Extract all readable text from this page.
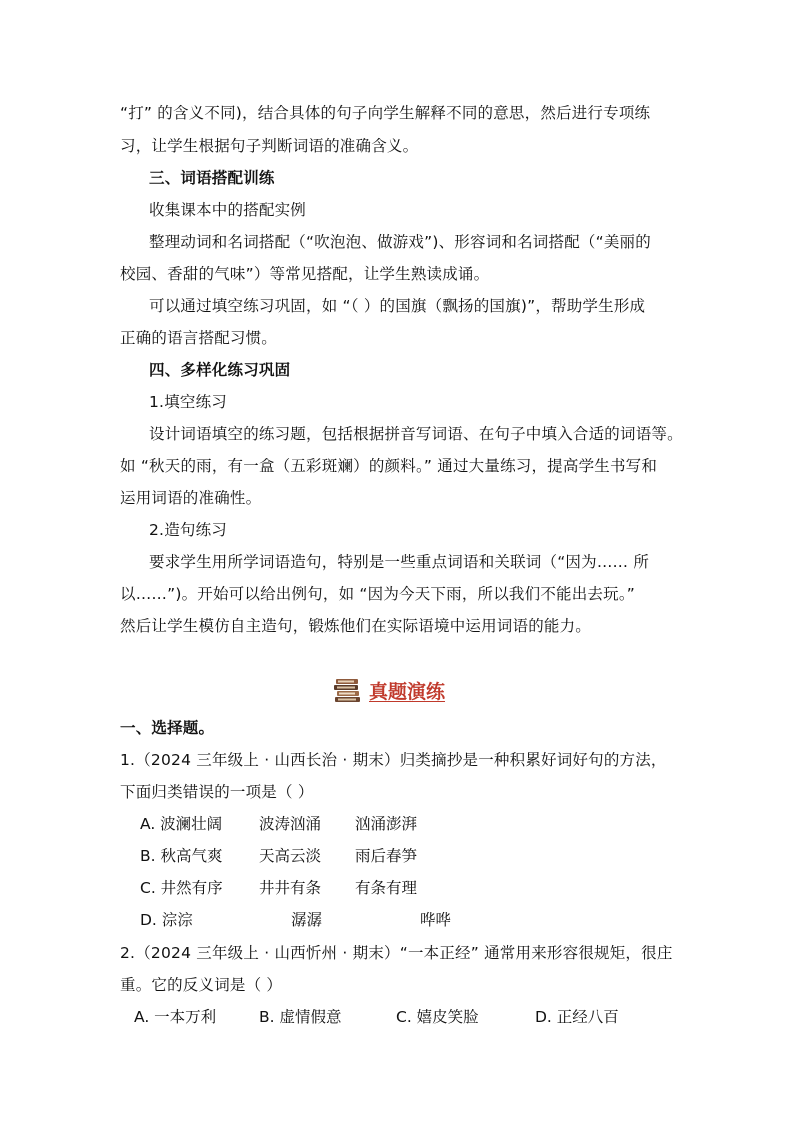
“打” 的含义不同)，结合具体的句子向学生解释不同的意思，然后进行专项练
习，让学生根据句子判断词语的准确含义。
三、词语搭配训练
收集课本中的搭配实例
整理动词和名词搭配（“吹泡泡、做游戏”)、形容词和名词搭配（“美丽的
校园、香甜的气味”）等常见搭配，让学生熟读成诵。
可以通过填空练习巩固，如 “（ ）的国旗（飘扬的国旗)”，帮助学生形成
正确的语言搭配习惯。
四、多样化练习巩固
1.填空练习
设计词语填空的练习题，包括根据拼音写词语、在句子中填入合适的词语等。
如 “秋天的雨，有一盒（五彩斑斓）的颜料。” 通过大量练习，提高学生书写和
运用词语的准确性。
2.造句练习
要求学生用所学词语造句，特别是一些重点词语和关联词（“因为…… 所
以……”)。开始可以给出例句，如 “因为今天下雨，所以我们不能出去玩。”
然后让学生模仿自主造句，锻炼他们在实际语境中运用词语的能力。
真题演练
一、选择题。
1.（2024 三年级上 · 山西长治 · 期末）归类摘抄是一种积累好词好句的方法，
下面归类错误的一项是（ ）
A. 波澜壮阔 波涛汹涌 汹涌澎湃
B. 秋高气爽 天高云淡 雨后春笋
C. 井然有序 井井有条 有条有理
D. 淙淙	潺潺	哗哗
2.（2024 三年级上 · 山西忻州 · 期末）“一本正经” 通常用来形容很规矩，很庄
重。它的反义词是（ ）
A. 一本万利	B. 虚情假意	C. 嬉皮笑脸	D. 正经八百
